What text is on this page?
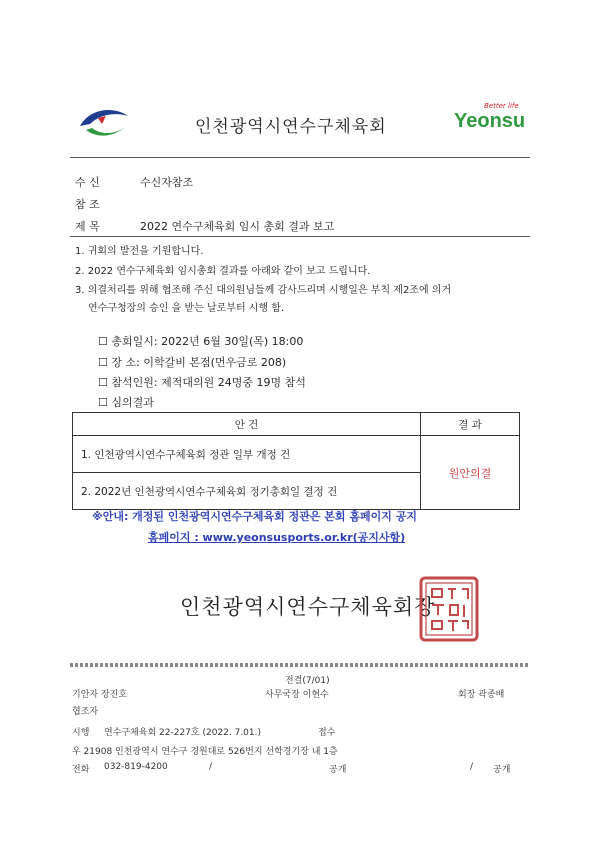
인천광역시연수구체육회
Better life
Yeonsu
수 신	수신자참조
참 조
제 목	2022 연수구체육회 임시 총회 결과 보고
1. 귀회의 발전을 기원합니다.
2. 2022 연수구체육회 임시총회 결과를 아래와 같이 보고 드립니다.
3. 의결처리를 위해 협조해 주신 대의원님들께 감사드리며 시행일은 부칙 제2조에 의거
연수구청장의 승인 을 받는 날로부터 시행 함.
☐ 총회일시: 2022년 6월 30일(목) 18:00
☐ 장 소: 이학갈비 본점(먼우금로 208)
☐ 참석인원: 제적대의원 24명중 19명 참석
☐ 심의결과
안 건	결 과
1. 인천광역시연수구체육회 정관 일부 개정 건	원안의결
2. 2022년 인천광역시연수구체육회 정기총회일 결정 건	
※안내: 개정된 인천광역시연수구체육회 정관은 본회 홈페이지 공지
홈페이지 : www.yeonsusports.or.kr(공지사항)
인천광역시연수구체육회장
전결(7/01)
기안자 장진호	사무국장 이현수	회장 곽종배
협조자
시행 연수구체육회 22-227호 (2022. 7.01.)	접수
우 21908 인천광역시 연수구 경원대로 526번지 선학경기장 내 1층
전화 032-819-4200	/	공개	/ 공개
